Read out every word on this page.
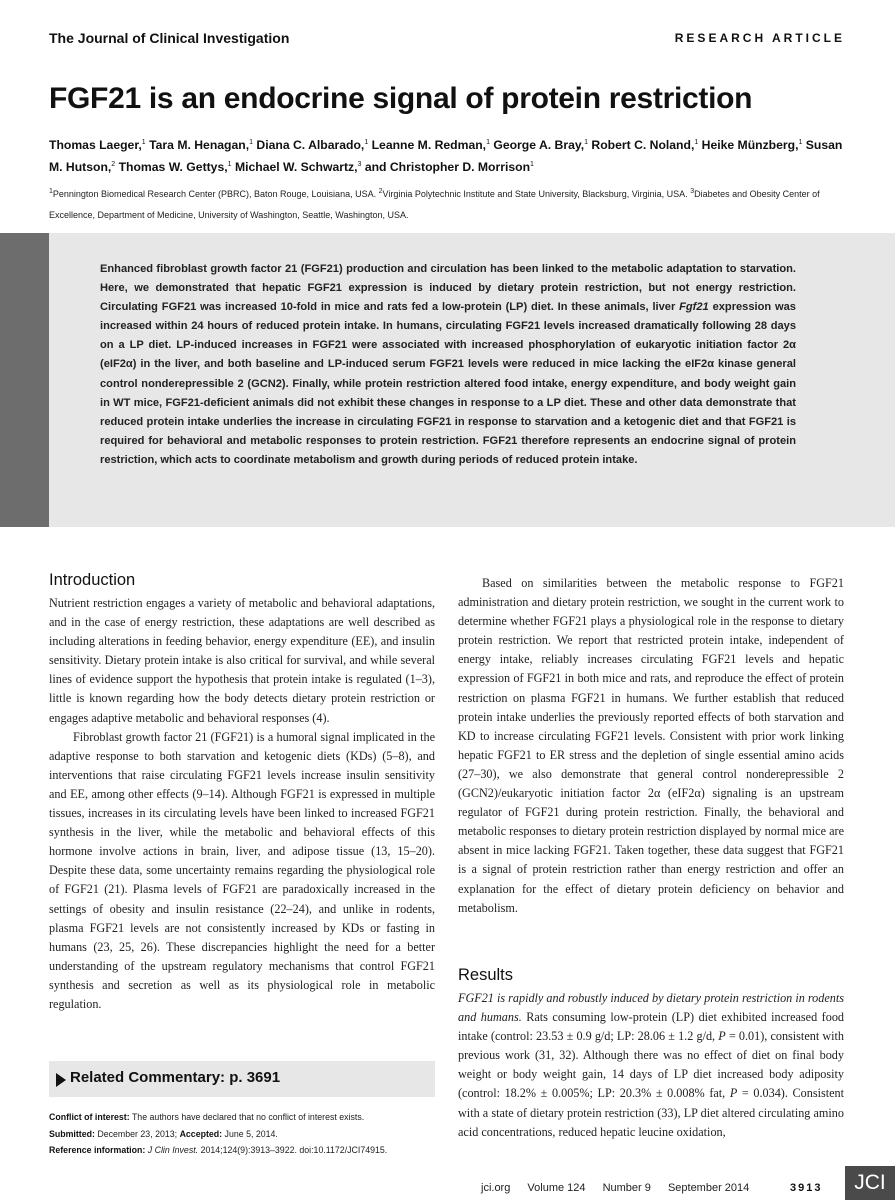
The Journal of Clinical Investigation	RESEARCH ARTICLE
FGF21 is an endocrine signal of protein restriction
Thomas Laeger,$^1$ Tara M. Henagan,$^1$ Diana C. Albarado,$^1$ Leanne M. Redman,$^1$ George A. Bray,$^1$ Robert C. Noland,$^1$ Heike Münzberg,$^1$ Susan M. Hutson,$^2$ Thomas W. Gettys,$^1$ Michael W. Schwartz,$^3$ and Christopher D. Morrison$^1$
$^1$Pennington Biomedical Research Center (PBRC), Baton Rouge, Louisiana, USA. $^2$Virginia Polytechnic Institute and State University, Blacksburg, Virginia, USA. $^3$Diabetes and Obesity Center of Excellence, Department of Medicine, University of Washington, Seattle, Washington, USA.
Enhanced fibroblast growth factor 21 (FGF21) production and circulation has been linked to the metabolic adaptation to starvation. Here, we demonstrated that hepatic FGF21 expression is induced by dietary protein restriction, but not energy restriction. Circulating FGF21 was increased 10-fold in mice and rats fed a low-protein (LP) diet. In these animals, liver Fgf21 expression was increased within 24 hours of reduced protein intake. In humans, circulating FGF21 levels increased dramatically following 28 days on a LP diet. LP-induced increases in FGF21 were associated with increased phosphorylation of eukaryotic initiation factor 2α (eIF2α) in the liver, and both baseline and LP-induced serum FGF21 levels were reduced in mice lacking the eIF2α kinase general control nonderepressible 2 (GCN2). Finally, while protein restriction altered food intake, energy expenditure, and body weight gain in WT mice, FGF21-deficient animals did not exhibit these changes in response to a LP diet. These and other data demonstrate that reduced protein intake underlies the increase in circulating FGF21 in response to starvation and a ketogenic diet and that FGF21 is required for behavioral and metabolic responses to protein restriction. FGF21 therefore represents an endocrine signal of protein restriction, which acts to coordinate metabolism and growth during periods of reduced protein intake.
Introduction

Nutrient restriction engages a variety of metabolic and behavioral adaptations, and in the case of energy restriction, these adaptations are well described as including alterations in feeding behavior, energy expenditure (EE), and insulin sensitivity. Dietary protein intake is also critical for survival, and while several lines of evidence support the hypothesis that protein intake is regulated (1–3), little is known regarding how the body detects dietary protein restriction or engages adaptive metabolic and behavioral responses (4).

Fibroblast growth factor 21 (FGF21) is a humoral signal implicated in the adaptive response to both starvation and ketogenic diets (KDs) (5–8), and interventions that raise circulating FGF21 levels increase insulin sensitivity and EE, among other effects (9–14). Although FGF21 is expressed in multiple tissues, increases in its circulating levels have been linked to increased FGF21 synthesis in the liver, while the metabolic and behavioral effects of this hormone involve actions in brain, liver, and adipose tissue (13, 15–20). Despite these data, some uncertainty remains regarding the physiological role of FGF21 (21). Plasma levels of FGF21 are paradoxically increased in the settings of obesity and insulin resistance (22–24), and unlike in rodents, plasma FGF21 levels are not consistently increased by KDs or fasting in humans (23, 25, 26). These discrepancies highlight the need for a better understanding of the upstream regulatory mechanisms that control FGF21 synthesis and secretion as well as its physiological role in metabolic regulation.

Based on similarities between the metabolic response to FGF21 administration and dietary protein restriction, we sought in the current work to determine whether FGF21 plays a physiological role in the response to dietary protein restriction. We report that restricted protein intake, independent of energy intake, reliably increases circulating FGF21 levels and hepatic expression of FGF21 in both mice and rats, and reproduce the effect of protein restriction on plasma FGF21 in humans. We further establish that reduced protein intake underlies the previously reported effects of both starvation and KD to increase circulating FGF21 levels. Consistent with prior work linking hepatic FGF21 to ER stress and the depletion of single essential amino acids (27–30), we also demonstrate that general control nonderepressible 2 (GCN2)/eukaryotic initiation factor 2α (eIF2α) signaling is an upstream regulator of FGF21 during protein restriction. Finally, the behavioral and metabolic responses to dietary protein restriction displayed by normal mice are absent in mice lacking FGF21. Taken together, these data suggest that FGF21 is a signal of protein restriction rather than energy restriction and offer an explanation for the effect of dietary protein deficiency on behavior and metabolism.

Results

FGF21 is rapidly and robustly induced by dietary protein restriction in rodents and humans. Rats consuming low-protein (LP) diet exhibited increased food intake (control: 23.53 ± 0.9 g/d; LP: 28.06 ± 1.2 g/d, P = 0.01), consistent with previous work (31, 32). Although there was no effect of diet on final body weight or body weight gain, 14 days of LP diet increased body adiposity (control: 18.2% ± 0.005%; LP: 20.3% ± 0.008% fat, P = 0.034). Consistent with a state of dietary protein restriction (33), LP diet altered circulating amino acid concentrations, reduced hepatic leucine oxidation,

Related Commentary: p. 3691
Conflict of interest: The authors have declared that no conflict of interest exists.
Submitted: December 23, 2013; Accepted: June 5, 2014.
Reference information: J Clin Invest. 2014;124(9):3913–3922. doi:10.1172/JCI74915.
jci.org Volume 124 Number 9 September 2014	3913	JCI
